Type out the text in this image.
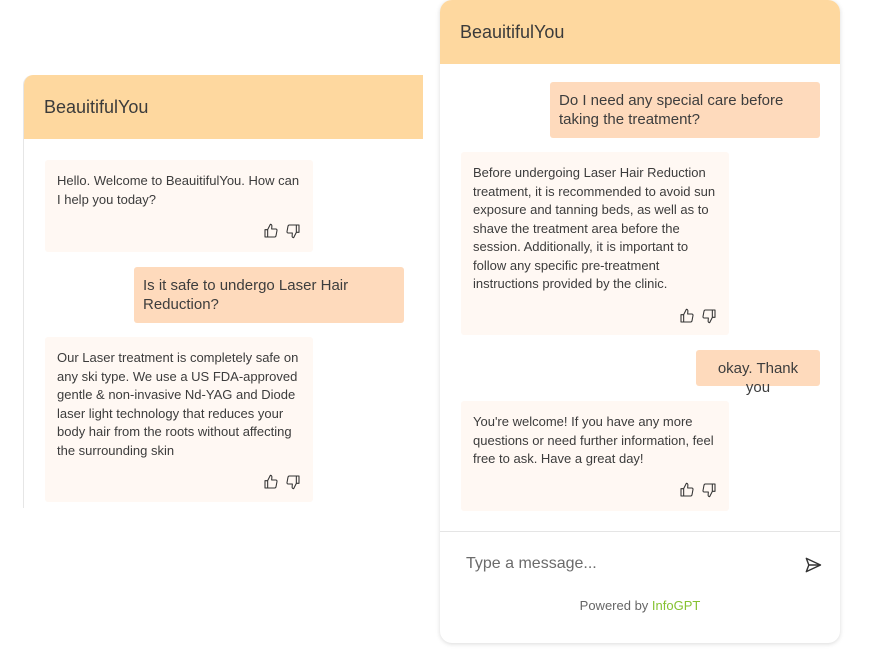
BeauitifulYou
Hello. Welcome to BeauitifulYou. How can I help you today?
Is it safe to undergo Laser Hair Reduction?
Our Laser treatment is completely safe on any ski type. We use a US FDA-approved gentle & non-invasive Nd-YAG and Diode laser light technology that reduces your body hair from the roots without affecting the surrounding skin
BeauitifulYou
Do I need any special care before taking the treatment?
Before undergoing Laser Hair Reduction treatment, it is recommended to avoid sun exposure and tanning beds, as well as to shave the treatment area before the session. Additionally, it is important to follow any specific pre-treatment instructions provided by the clinic.
okay. Thank you
You're welcome! If you have any more questions or need further information, feel free to ask. Have a great day!
Type a message...
Powered by InfoGPT
